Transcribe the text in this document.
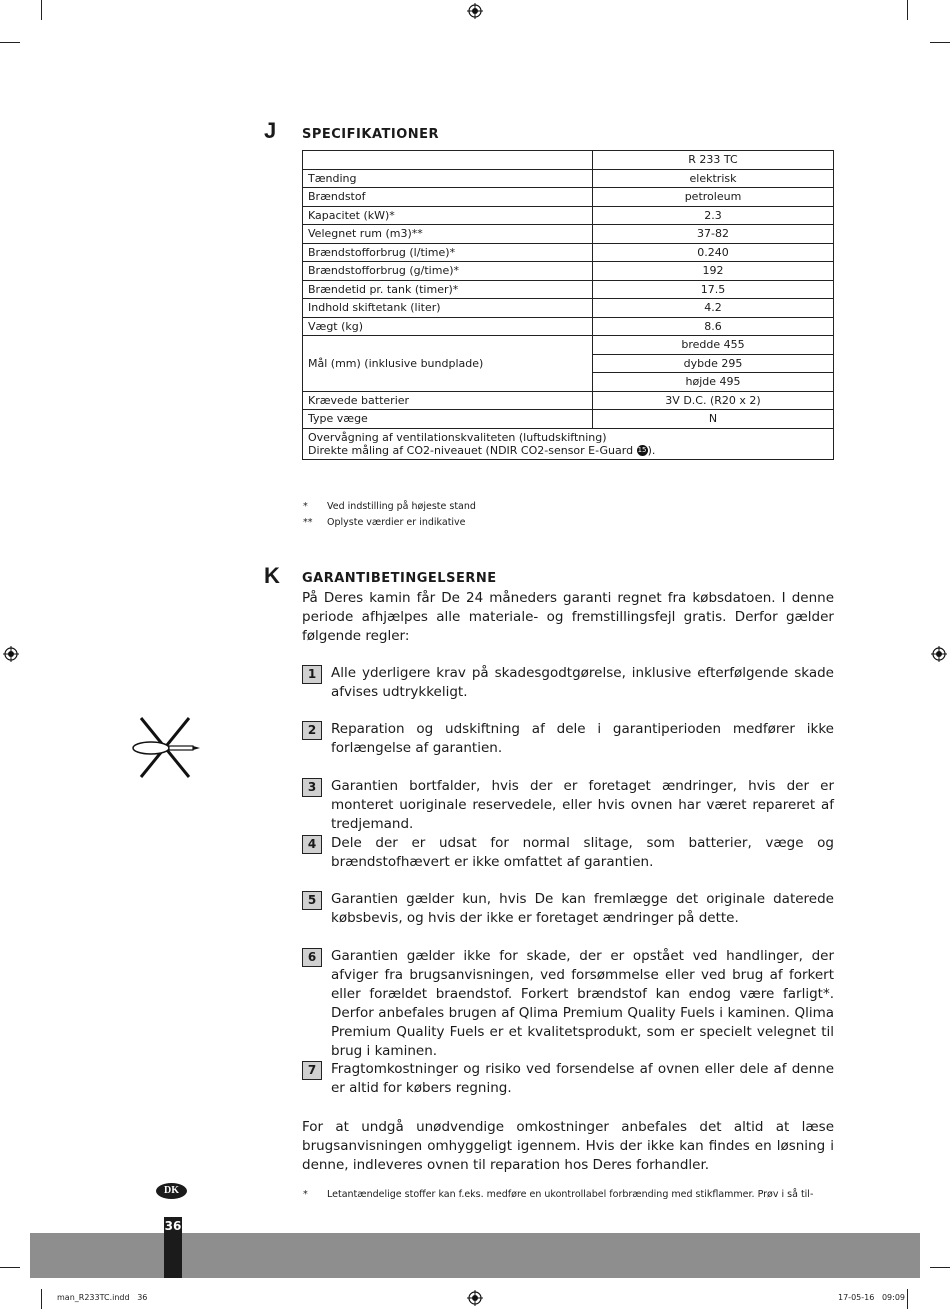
J SPECIFIKATIONER
	R 233 TC
Tænding	elektrisk
Brændstof	petroleum
Kapacitet (kW)*	2.3
Velegnet rum (m3)**	37-82
Brændstofforbrug (l/time)*	0.240
Brændstofforbrug (g/time)*	192
Brændetid pr. tank (timer)*	17.5
Indhold skiftetank (liter)	4.2
Vægt (kg)	8.6
Mål (mm) (inklusive bundplade)	bredde 455
	dybde 295
	højde 495
Krævede batterier	3V D.C. (R20 x 2)
Type væge	N
Overvågning af ventilationskvaliteten (luftudskiftning)
Direkte måling af CO2-niveauet (NDIR CO2-sensor E-Guard 15).	
* Ved indstilling på højeste stand
** Oplyste værdier er indikative
K GARANTIBETINGELSERNE
På Deres kamin får De 24 måneders garanti regnet fra købsdatoen. I denne periode afhjælpes alle materiale- og fremstillingsfejl gratis. Derfor gælder følgende regler:
1	Alle yderligere krav på skadesgodtgørelse, inklusive efterfølgende skade afvises udtrykkeligt.
2	Reparation og udskiftning af dele i garantiperioden medfører ikke forlængelse af garantien.
3	Garantien bortfalder, hvis der er foretaget ændringer, hvis der er monteret uoriginale reservedele, eller hvis ovnen har været repareret af tredjemand.
4	Dele der er udsat for normal slitage, som batterier, væge og brændstofhævert er ikke omfattet af garantien.
5	Garantien gælder kun, hvis De kan fremlægge det originale daterede købsbevis, og hvis der ikke er foretaget ændringer på dette.
6	Garantien gælder ikke for skade, der er opstået ved handlinger, der afviger fra brugsanvisningen, ved forsømmelse eller ved brug af forkert eller forældet braendstof. Forkert brændstof kan endog være farligt*. Derfor anbefales brugen af Qlima Premium Quality Fuels i kaminen. Qlima Premium Quality Fuels er et kvalitetsprodukt, som er specielt velegnet til brug i kaminen.
7	Fragtomkostninger og risiko ved forsendelse af ovnen eller dele af denne er altid for købers regning.
For at undgå unødvendige omkostninger anbefales det altid at læse brugsanvisningen omhyggeligt igennem. Hvis der ikke kan findes en løsning i denne, indleveres ovnen til reparation hos Deres forhandler.
* Letantændelige stoffer kan f.eks. medføre en ukontrollabel forbrænding med stikflammer. Prøv i så til-
DK
36
man_R233TC.indd   36	17-05-16   09:09
